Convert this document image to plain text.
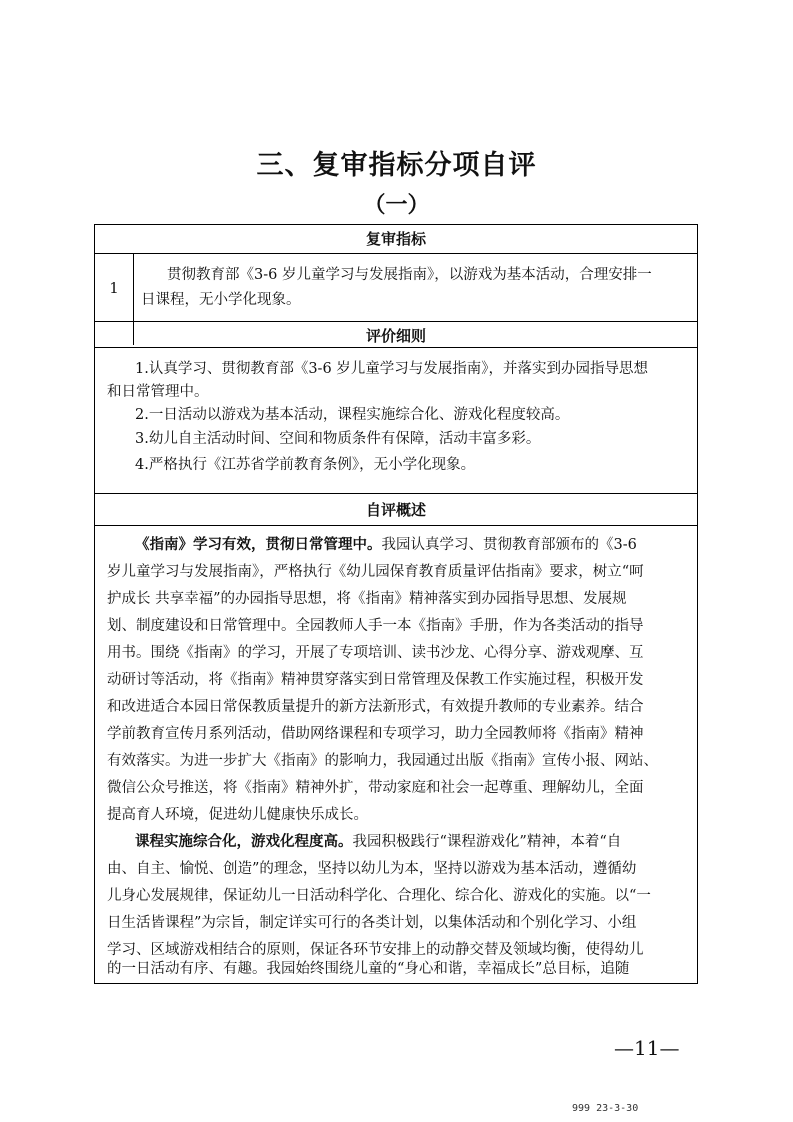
三、复审指标分项自评
（一）
复审指标
1
贯彻教育部《3-6 岁儿童学习与发展指南》，以游戏为基本活动，合理安排一
日课程，无小学化现象。
评价细则
1.认真学习、贯彻教育部《3-6 岁儿童学习与发展指南》，并落实到办园指导思想
和日常管理中。
2.一日活动以游戏为基本活动，课程实施综合化、游戏化程度较高。
3.幼儿自主活动时间、空间和物质条件有保障，活动丰富多彩。
4.严格执行《江苏省学前教育条例》，无小学化现象。
自评概述
《指南》学习有效，贯彻日常管理中。我园认真学习、贯彻教育部颁布的《3-6
岁儿童学习与发展指南》，严格执行《幼儿园保育教育质量评估指南》要求，树立“呵
护成长 共享幸福”的办园指导思想，将《指南》精神落实到办园指导思想、发展规
划、制度建设和日常管理中。全园教师人手一本《指南》手册，作为各类活动的指导
用书。围绕《指南》的学习，开展了专项培训、读书沙龙、心得分享、游戏观摩、互
动研讨等活动，将《指南》精神贯穿落实到日常管理及保教工作实施过程，积极开发
和改进适合本园日常保教质量提升的新方法新形式，有效提升教师的专业素养。结合
学前教育宣传月系列活动，借助网络课程和专项学习，助力全园教师将《指南》精神
有效落实。为进一步扩大《指南》的影响力，我园通过出版《指南》宣传小报、网站、
微信公众号推送，将《指南》精神外扩，带动家庭和社会一起尊重、理解幼儿，全面
提高育人环境，促进幼儿健康快乐成长。
课程实施综合化，游戏化程度高。我园积极践行“课程游戏化”精神，本着“自
由、自主、愉悦、创造”的理念，坚持以幼儿为本，坚持以游戏为基本活动，遵循幼
儿身心发展规律，保证幼儿一日活动科学化、合理化、综合化、游戏化的实施。以“一
日生活皆课程”为宗旨，制定详实可行的各类计划，以集体活动和个别化学习、小组
学习、区域游戏相结合的原则，保证各环节安排上的动静交替及领域均衡，使得幼儿
的一日活动有序、有趣。我园始终围绕儿童的“身心和谐，幸福成长”总目标，追随
—11—
999 23-3-30
